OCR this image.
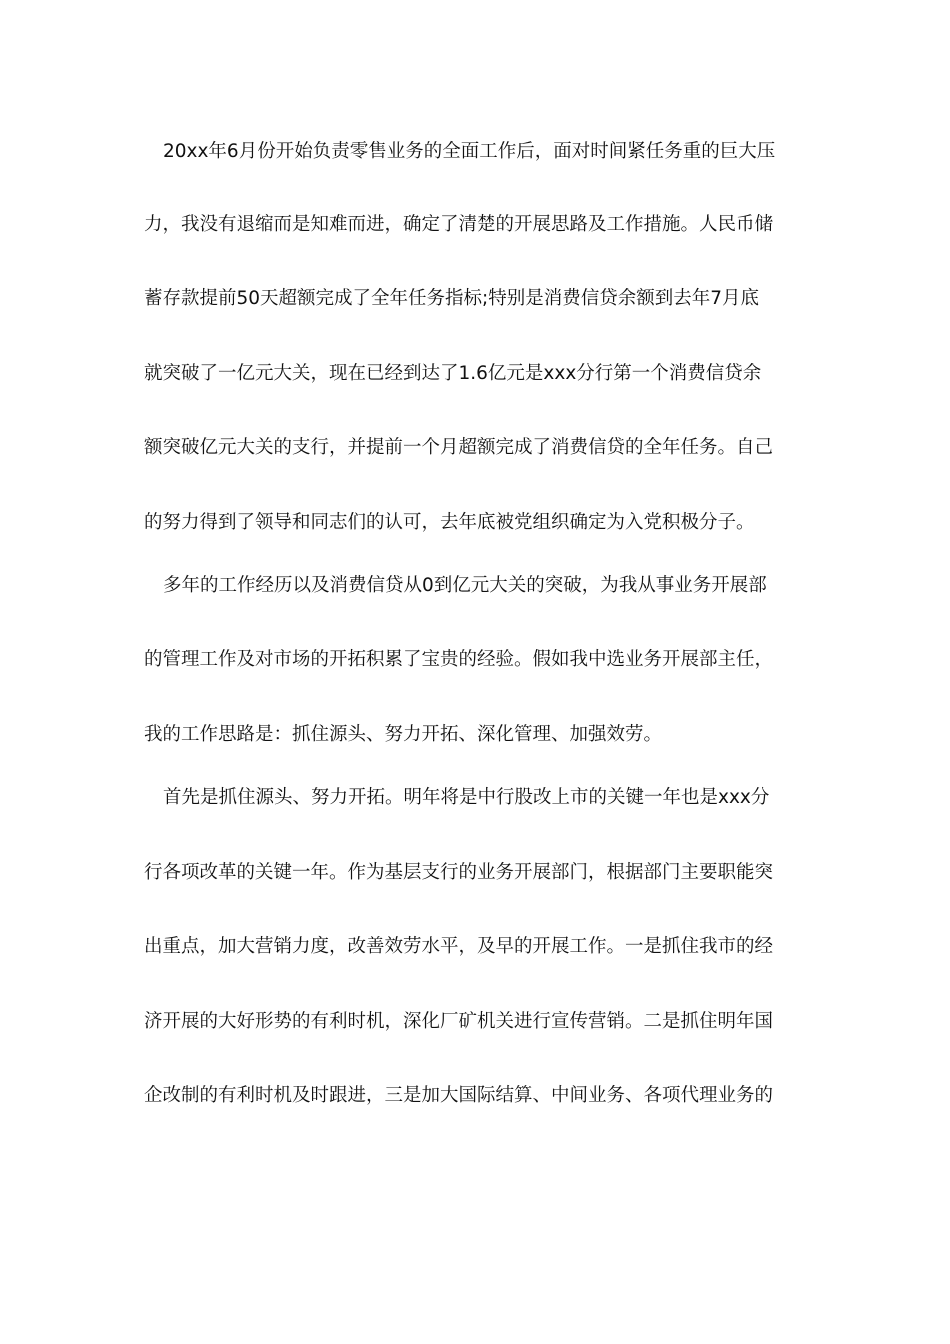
20xx年6月份开始负责零售业务的全面工作后，面对时间紧任务重的巨大压
力，我没有退缩而是知难而进，确定了清楚的开展思路及工作措施。人民币储
蓄存款提前50天超额完成了全年任务指标;特别是消费信贷余额到去年7月底
就突破了一亿元大关，现在已经到达了1.6亿元是xxx分行第一个消费信贷余
额突破亿元大关的支行，并提前一个月超额完成了消费信贷的全年任务。自己
的努力得到了领导和同志们的认可，去年底被党组织确定为入党积极分子。
多年的工作经历以及消费信贷从0到亿元大关的突破，为我从事业务开展部
的管理工作及对市场的开拓积累了宝贵的经验。假如我中选业务开展部主任，
我的工作思路是：抓住源头、努力开拓、深化管理、加强效劳。
首先是抓住源头、努力开拓。明年将是中行股改上市的关键一年也是xxx分
行各项改革的关键一年。作为基层支行的业务开展部门，根据部门主要职能突
出重点，加大营销力度，改善效劳水平，及早的开展工作。一是抓住我市的经
济开展的大好形势的有利时机，深化厂矿机关进行宣传营销。二是抓住明年国
企改制的有利时机及时跟进，三是加大国际结算、中间业务、各项代理业务的
